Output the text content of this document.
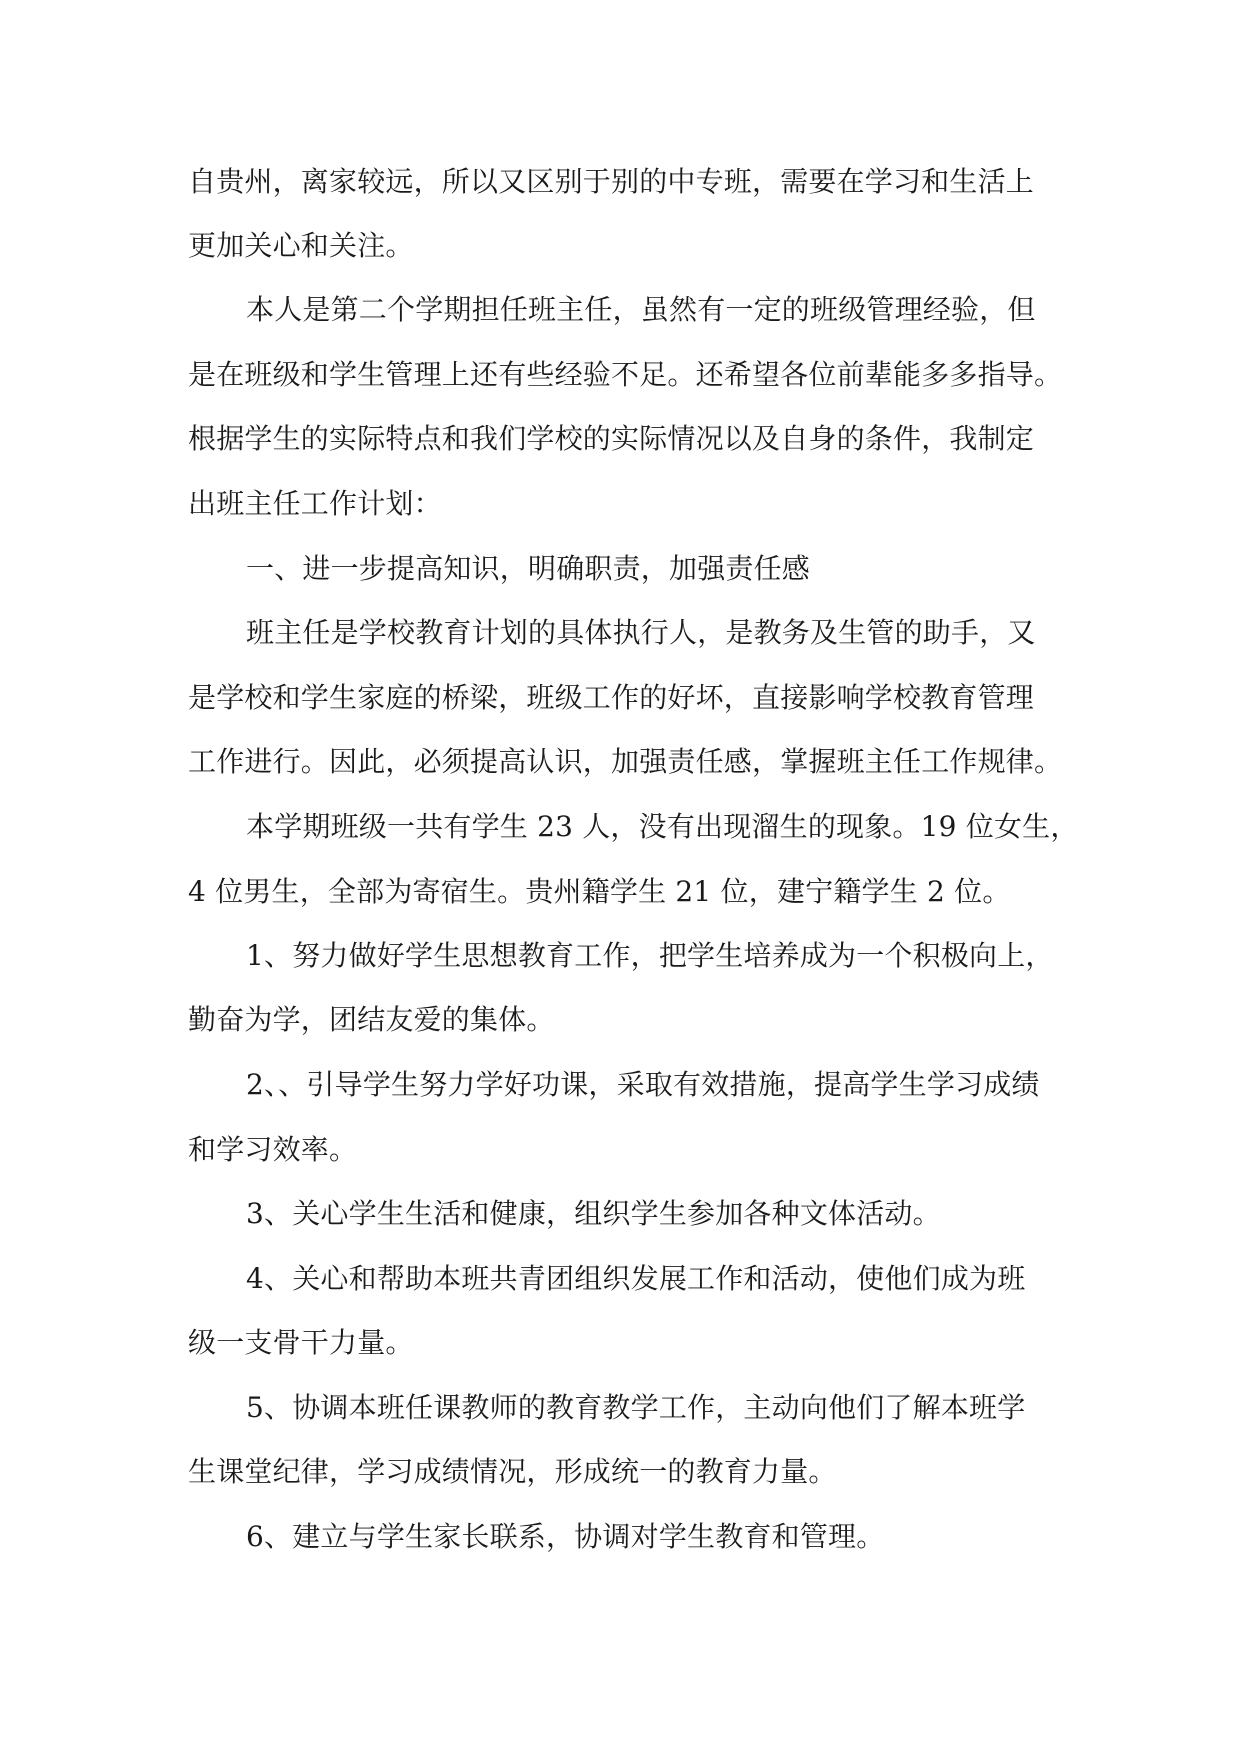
自贵州，离家较远，所以又区别于别的中专班，需要在学习和生活上
更加关心和关注。
本人是第二个学期担任班主任，虽然有一定的班级管理经验，但
是在班级和学生管理上还有些经验不足。还希望各位前辈能多多指导。
根据学生的实际特点和我们学校的实际情况以及自身的条件，我制定
出班主任工作计划：
一、进一步提高知识，明确职责，加强责任感
班主任是学校教育计划的具体执行人，是教务及生管的助手，又
是学校和学生家庭的桥梁，班级工作的好坏，直接影响学校教育管理
工作进行。因此，必须提高认识，加强责任感，掌握班主任工作规律。
本学期班级一共有学生 23 人，没有出现溜生的现象。19 位女生，
4 位男生，全部为寄宿生。贵州籍学生 21 位，建宁籍学生 2 位。
1、努力做好学生思想教育工作，把学生培养成为一个积极向上，
勤奋为学，团结友爱的集体。
2、、引导学生努力学好功课，采取有效措施，提高学生学习成绩
和学习效率。
3、关心学生生活和健康，组织学生参加各种文体活动。
4、关心和帮助本班共青团组织发展工作和活动，使他们成为班
级一支骨干力量。
5、协调本班任课教师的教育教学工作，主动向他们了解本班学
生课堂纪律，学习成绩情况，形成统一的教育力量。
6、建立与学生家长联系，协调对学生教育和管理。
